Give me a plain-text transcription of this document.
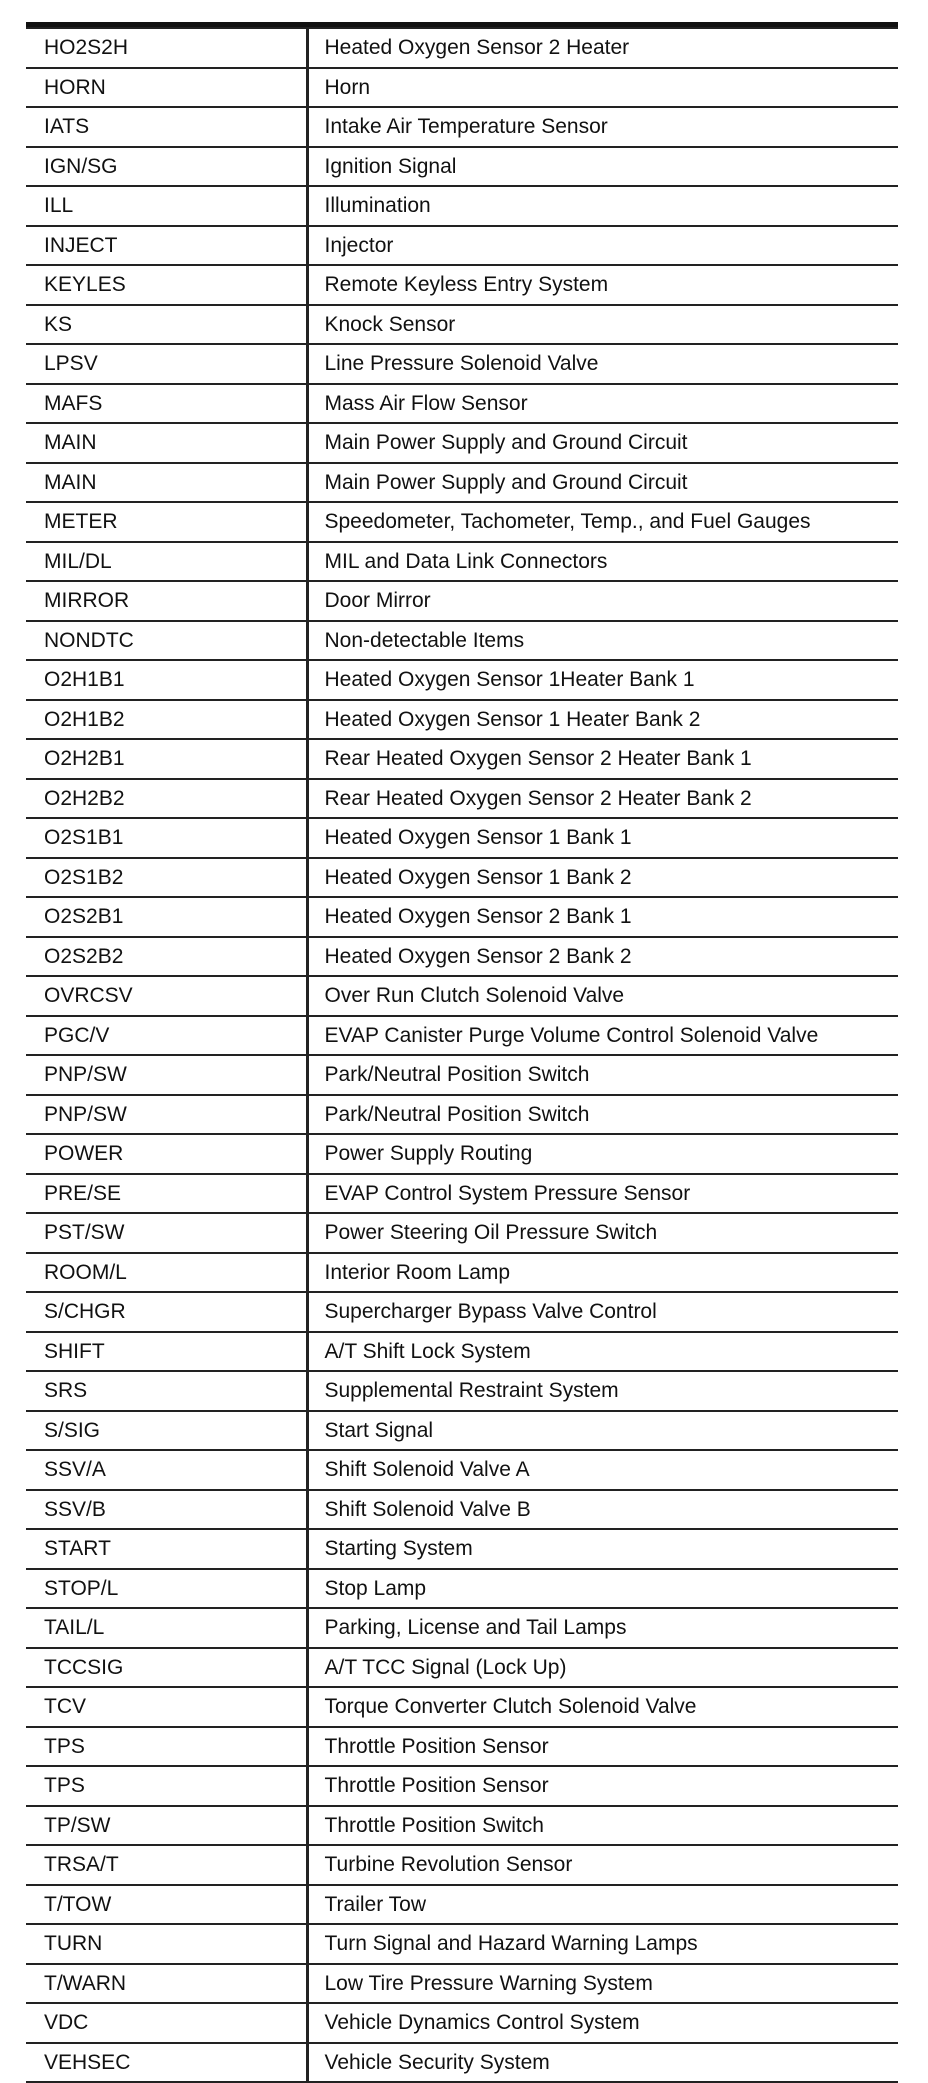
HO2S2H	Heated Oxygen Sensor 2 Heater
HORN	Horn
IATS	Intake Air Temperature Sensor
IGN/SG	Ignition Signal
ILL	Illumination
INJECT	Injector
KEYLES	Remote Keyless Entry System
KS	Knock Sensor
LPSV	Line Pressure Solenoid Valve
MAFS	Mass Air Flow Sensor
MAIN	Main Power Supply and Ground Circuit
MAIN	Main Power Supply and Ground Circuit
METER	Speedometer, Tachometer, Temp., and Fuel Gauges
MIL/DL	MIL and Data Link Connectors
MIRROR	Door Mirror
NONDTC	Non-detectable Items
O2H1B1	Heated Oxygen Sensor 1Heater Bank 1
O2H1B2	Heated Oxygen Sensor 1 Heater Bank 2
O2H2B1	Rear Heated Oxygen Sensor 2 Heater Bank 1
O2H2B2	Rear Heated Oxygen Sensor 2 Heater Bank 2
O2S1B1	Heated Oxygen Sensor 1 Bank 1
O2S1B2	Heated Oxygen Sensor 1 Bank 2
O2S2B1	Heated Oxygen Sensor 2 Bank 1
O2S2B2	Heated Oxygen Sensor 2 Bank 2
OVRCSV	Over Run Clutch Solenoid Valve
PGC/V	EVAP Canister Purge Volume Control Solenoid Valve
PNP/SW	Park/Neutral Position Switch
PNP/SW	Park/Neutral Position Switch
POWER	Power Supply Routing
PRE/SE	EVAP Control System Pressure Sensor
PST/SW	Power Steering Oil Pressure Switch
ROOM/L	Interior Room Lamp
S/CHGR	Supercharger Bypass Valve Control
SHIFT	A/T Shift Lock System
SRS	Supplemental Restraint System
S/SIG	Start Signal
SSV/A	Shift Solenoid Valve A
SSV/B	Shift Solenoid Valve B
START	Starting System
STOP/L	Stop Lamp
TAIL/L	Parking, License and Tail Lamps
TCCSIG	A/T TCC Signal (Lock Up)
TCV	Torque Converter Clutch Solenoid Valve
TPS	Throttle Position Sensor
TPS	Throttle Position Sensor
TP/SW	Throttle Position Switch
TRSA/T	Turbine Revolution Sensor
T/TOW	Trailer Tow
TURN	Turn Signal and Hazard Warning Lamps
T/WARN	Low Tire Pressure Warning System
VDC	Vehicle Dynamics Control System
VEHSEC	Vehicle Security System
